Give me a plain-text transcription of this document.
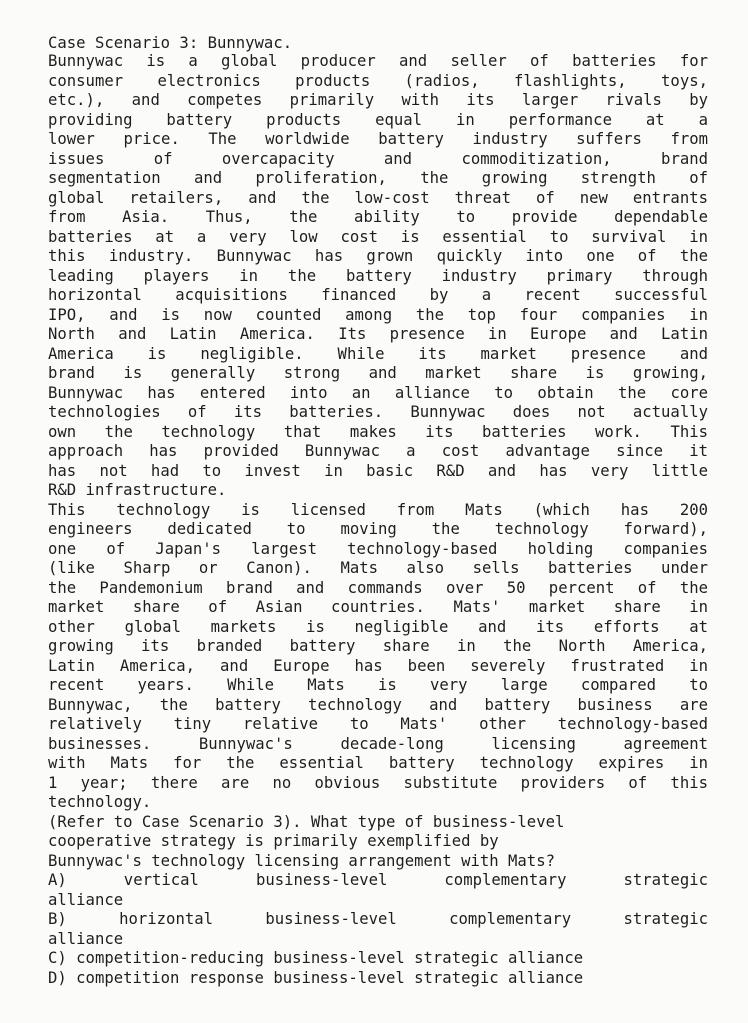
Case Scenario 3: Bunnywac.
Bunnywac is a global producer and seller of batteries for
consumer electronics products (radios, flashlights, toys,
etc.), and competes primarily with its larger rivals by
providing battery products equal in performance at a
lower price. The worldwide battery industry suffers from
issues of overcapacity and commoditization, brand
segmentation and proliferation, the growing strength of
global retailers, and the low-cost threat of new entrants
from Asia. Thus, the ability to provide dependable
batteries at a very low cost is essential to survival in
this industry. Bunnywac has grown quickly into one of the
leading players in the battery industry primary through
horizontal acquisitions financed by a recent successful
IPO, and is now counted among the top four companies in
North and Latin America. Its presence in Europe and Latin
America is negligible. While its market presence and
brand is generally strong and market share is growing,
Bunnywac has entered into an alliance to obtain the core
technologies of its batteries. Bunnywac does not actually
own the technology that makes its batteries work. This
approach has provided Bunnywac a cost advantage since it
has not had to invest in basic R&D and has very little
R&D infrastructure.
This technology is licensed from Mats (which has 200
engineers dedicated to moving the technology forward),
one of Japan's largest technology-based holding companies
(like Sharp or Canon). Mats also sells batteries under
the Pandemonium brand and commands over 50 percent of the
market share of Asian countries. Mats' market share in
other global markets is negligible and its efforts at
growing its branded battery share in the North America,
Latin America, and Europe has been severely frustrated in
recent years. While Mats is very large compared to
Bunnywac, the battery technology and battery business are
relatively tiny relative to Mats' other technology-based
businesses. Bunnywac's decade-long licensing agreement
with Mats for the essential battery technology expires in
1 year; there are no obvious substitute providers of this
technology.
(Refer to Case Scenario 3). What type of business-level
cooperative strategy is primarily exemplified by
Bunnywac's technology licensing arrangement with Mats?
A) vertical business-level complementary strategic
alliance
B) horizontal business-level complementary strategic
alliance
C) competition-reducing business-level strategic alliance
D) competition response business-level strategic alliance
